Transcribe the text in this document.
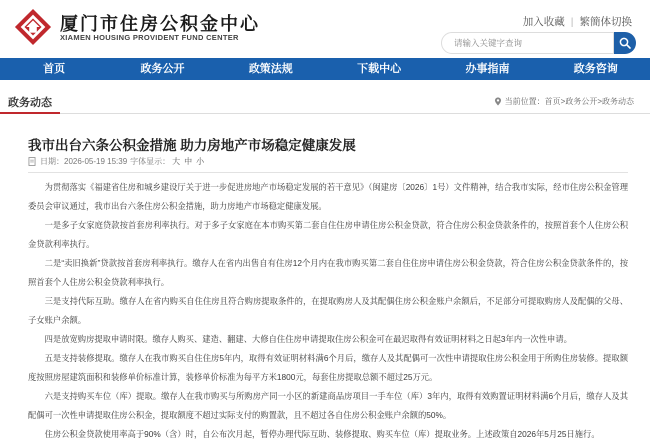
厦门市住房公积金中心
XIAMEN HOUSING PROVIDENT FUND CENTER
加入收藏 | 繁簡体切换
请输入关键字查询
首页	政务公开	政策法规	下载中心	办事指南	政务咨询
政务动态	当前位置：首页>政务公开>政务动态
我市出台六条公积金措施 助力房地产市场稳定健康发展
日期：2026-05-19 15:39 字体显示： 大 中 小

为贯彻落实《福建省住房和城乡建设厅关于进一步促进房地产市场稳定发展的若干意见》（闽建房〔2026〕1号）文件精神，结合我市实际，经市住房公积金管理委员会审议通过，我市出台六条住房公积金措施，助力房地产市场稳定健康发展。

一是多子女家庭贷款按首套房利率执行。对于多子女家庭在本市购买第二套自住住房申请住房公积金贷款，符合住房公积金贷款条件的，按照首套个人住房公积金贷款利率执行。

二是“卖旧换新”贷款按首套房利率执行。缴存人在省内出售自有住房12个月内在我市购买第二套自住住房申请住房公积金贷款，符合住房公积金贷款条件的，按照首套个人住房公积金贷款利率执行。

三是支持代际互助。缴存人在省内购买自住住房且符合购房提取条件的，在提取购房人及其配偶住房公积金账户余额后，不足部分可提取购房人及配偶的父母、子女账户余额。

四是放宽购房提取申请时限。缴存人购买、建造、翻建、大修自住住房申请提取住房公积金可在最迟取得有效证明材料之日起3年内一次性申请。

五是支持装修提取。缴存人在我市购买自住住房5年内，取得有效证明材料满6个月后，缴存人及其配偶可一次性申请提取住房公积金用于所购住房装修。提取额度按照房屋建筑面积和装修单价标准计算，装修单价标准为每平方米1800元，每套住房提取总额不超过25万元。

六是支持购买车位（库）提取。缴存人在我市购买与所购房产同一小区的新建商品房项目一手车位（库）3年内，取得有效购置证明材料满6个月后，缴存人及其配偶可一次性申请提取住房公积金，提取额度不超过实际支付的购置款，且不超过各自住房公积金账户余额的50%。

住房公积金贷款使用率高于90%（含）时，自公布次月起，暂停办理代际互助、装修提取、购买车位（库）提取业务。上述政策自2026年5月25日施行。
